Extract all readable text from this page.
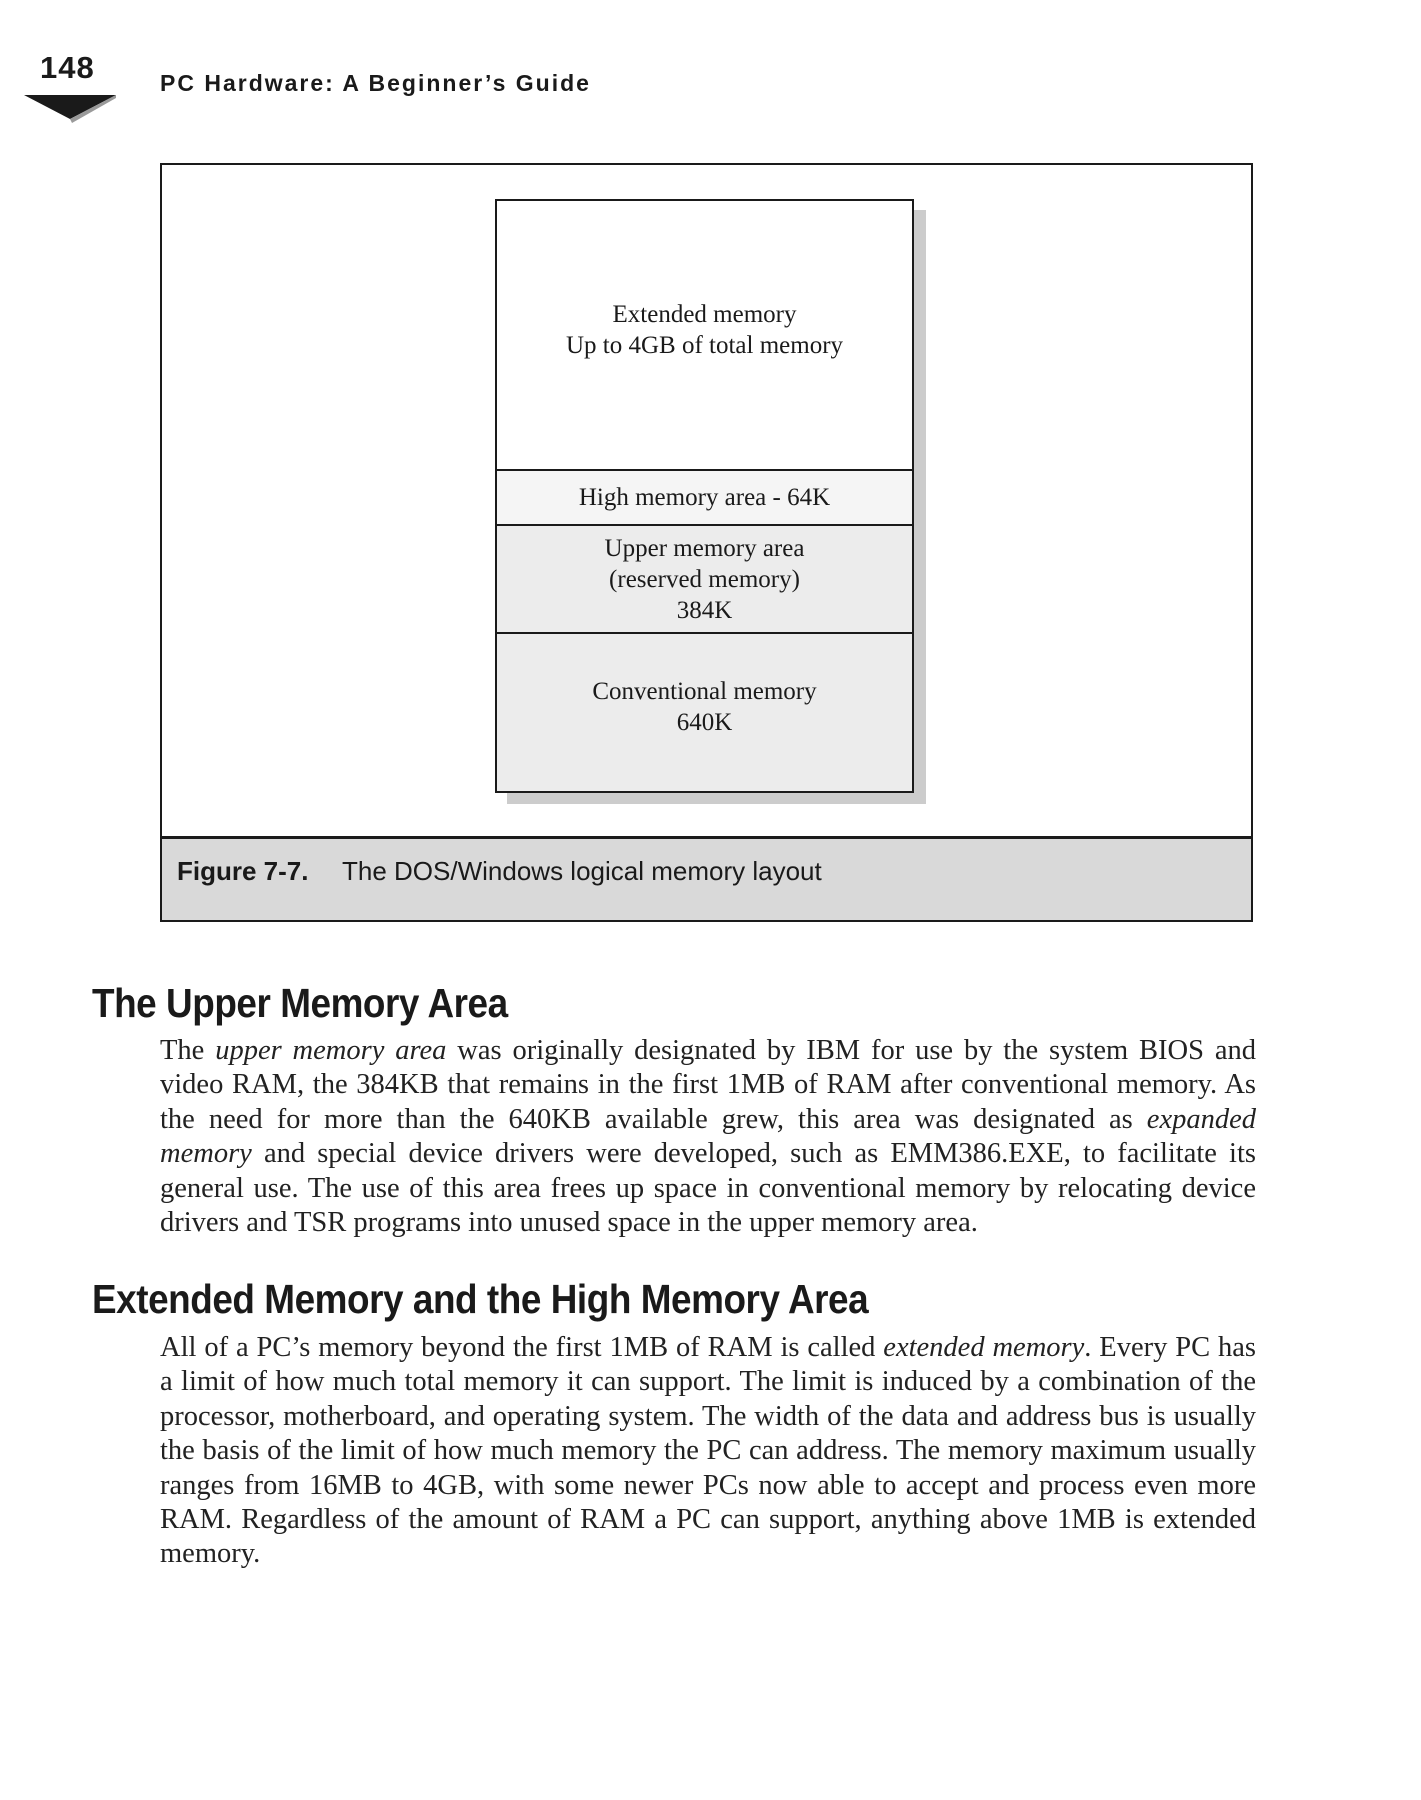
148	PC Hardware: A Beginner’s Guide
Extended memory
Up to 4GB of total memory
High memory area - 64K
Upper memory area
(reserved memory)
384K
Conventional memory
640K
Figure 7-7. The DOS/Windows logical memory layout
The Upper Memory Area

The upper memory area was originally designated by IBM for use by the system BIOS and video RAM, the 384KB that remains in the first 1MB of RAM after conventional memory. As the need for more than the 640KB available grew, this area was designated as expanded memory and special device drivers were developed, such as EMM386.EXE, to facilitate its general use. The use of this area frees up space in conventional memory by relocating device drivers and TSR programs into unused space in the upper memory area.

Extended Memory and the High Memory Area

All of a PC’s memory beyond the first 1MB of RAM is called extended memory. Every PC has a limit of how much total memory it can support. The limit is induced by a combination of the processor, motherboard, and operating system. The width of the data and address bus is usually the basis of the limit of how much memory the PC can address. The memory maximum usually ranges from 16MB to 4GB, with some newer PCs now able to accept and process even more RAM. Regardless of the amount of RAM a PC can support, anything above 1MB is extended memory.
